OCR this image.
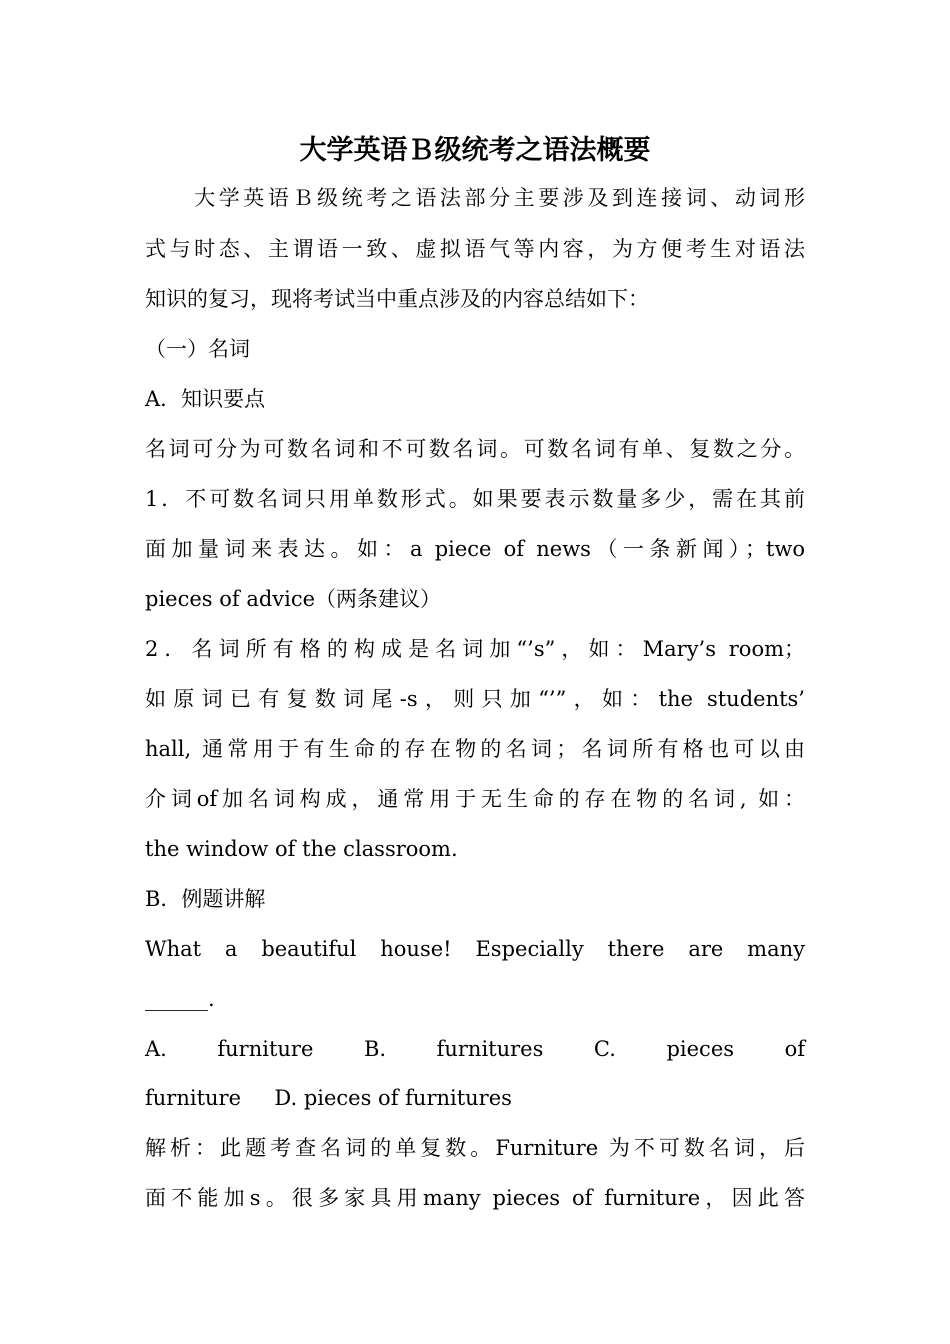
大学英语Ｂ级统考之语法概要
　　大学英语Ｂ级统考之语法部分主要涉及到连接词、动词形
式与时态、主谓语一致、虚拟语气等内容，为方便考生对语法
知识的复习，现将考试当中重点涉及的内容总结如下：
（一）名词
A．知识要点
名词可分为可数名词和不可数名词。可数名词有单、复数之分。
1．不可数名词只用单数形式。如果要表示数量多少，需在其前
面加量词来表达。如：a piece of news（一条新闻）；two
pieces of advice（两条建议）
2．名词所有格的构成是名词加“’s”，如：Mary’s room；
如原词已有复数词尾-s，则只加“’”，如：the students’
hall, 通常用于有生命的存在物的名词；名词所有格也可以由
介词of加名词构成，通常用于无生命的存在物的名词, 如：
the window of the classroom.
B．例题讲解
What a beautiful house! Especially there are many
______.
A. furniture B. furnitures C. pieces of
furniture     D. pieces of furnitures
解析：此题考查名词的单复数。Furniture 为不可数名词，后
面不能加s。很多家具用many pieces of furniture，因此答
